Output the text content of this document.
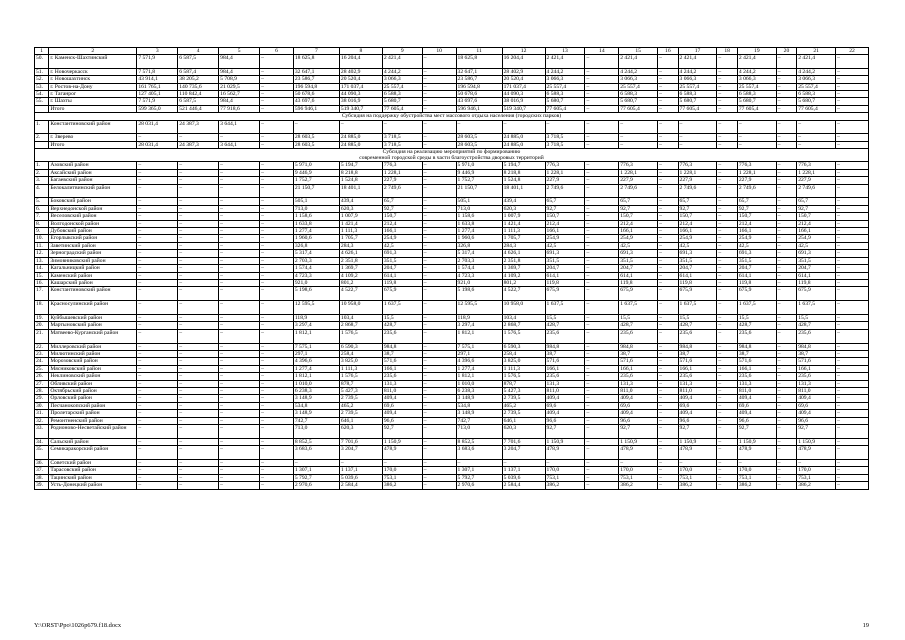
1	2	3	4	5	6	7	8	9	10	11	12	13	14	15	16	17	18	19	20	21	22
50.	г. Каменск-Шахтинский	7 571,9	6 587,5	984,4	–	18 625,8	16 204,4	2 421,4	–	18 625,8	16 204,4	2 421,4	–	2 421,4	–	2 421,4	–	2 421,4	–	2 421,4	–
51.	г. Новочеркасск	7 571,8	6 587,4	984,4	–	32 647,1	28 402,9	4 244,2	–	32 647,1	28 402,9	4 244,2	–	4 244,2	–	4 244,2	–	4 244,2	–	4 244,2	–
52.	г. Новошахтинск	43 914,1	38 205,2	5 708,9	–	23 586,7	20 520,4	3 066,3	–	23 586,7	20 520,4	3 066,3	–	3 066,3	–	3 066,3	–	3 066,3	–	3 066,3	–
53.	г. Ростов-на-Дону	161 765,1	140 735,6	21 029,5	–	196 594,8	171 037,4	25 557,4	–	196 594,8	171 037,4	25 557,4	–	25 557,4	–	25 557,4	–	25 557,4	–	25 557,4	–
54.	г. Таганрог	127 405,1	110 842,4	16 562,7	–	50 678,6	44 090,3	6 588,3	–	50 678,6	44 090,3	6 588,3	–	6 588,3	–	6 588,3	–	6 588,3	–	6 588,3	–
55.	г. Шахты	7 571,9	6 587,5	984,4	–	43 697,6	38 016,9	5 680,7	–	43 697,6	38 016,9	5 680,7	–	5 680,7	–	5 680,7	–	5 680,7	–	5 680,7	–
	Итого	599 365,0	521 446,4	77 918,6	–	596 946,1	519 340,7	77 605,4	–	596 946,1	519 340,7	77 605,4	–	77 605,4	–	77 605,4	–	77 605,4	–	77 605,4	–

Субсидия на поддержку обустройства мест массового отдыха населения (городских парков)																					

1.	Константиновский район	28 031,4	24 387,3	3 644,1	–	–	–	–	–	–	–	–	–	–	–	–	–	–	–	–	–
2.	г. Зверево	–	–	–	–	28 603,5	24 885,0	3 718,5	–	28 603,5	24 885,0	3 718,5	–	–	–	–	–	–	–	–	–
	Итого	28 031,4	24 387,3	3 644,1	–	28 603,5	24 885,0	3 718,5	–	28 603,5	24 885,0	3 718,5	–	–	–	–	–	–	–	–	–

Субсидия на реализацию мероприятий по формированию
современной городской среды в части благоустройства дворовых территорий																					

1.	Азовский район	–	–	–	–	5 971,0	5 194,7	776,3	–	5 971,0	5 194,7	776,3	–	776,3	–	776,3	–	776,3	–	776,3	–
2.	Аксайский район	–	–	–	–	9 446,9	8 218,8	1 228,1	–	9 446,9	8 218,8	1 228,1	–	1 228,1	–	1 228,1	–	1 228,1	–	1 228,1	–
3.	Багаевский район	–	–	–	–	1 752,7	1 524,8	227,9	–	1 752,7	1 524,8	227,9	–	227,9	–	227,9	–	227,9	–	227,9	–
4.	Белокалитвинский район	–	–	–	–	21 150,7	18 401,1	2 749,6	–	21 150,7	18 401,1	2 749,6	–	2 749,6	–	2 749,6	–	2 749,6	–	2 749,6	–
5.	Боковский район	–	–	–	–	505,1	439,4	65,7	–	505,1	439,4	65,7	–	65,7	–	65,7	–	65,7	–	65,7	–
6.	Верхнедонской район	–	–	–	–	713,0	620,3	92,7	–	713,0	620,3	92,7	–	92,7	–	92,7	–	92,7	–	92,7	–
7.	Веселовский район	–	–	–	–	1 158,6	1 007,9	150,7	–	1 158,6	1 007,9	150,7	–	150,7	–	150,7	–	150,7	–	150,7	–
8.	Волгодонской район	–	–	–	–	1 633,8	1 421,4	212,4	–	1 633,8	1 421,4	212,4	–	212,4	–	212,4	–	212,4	–	212,4	–
9.	Дубовский район	–	–	–	–	1 277,4	1 111,3	166,1	–	1 277,4	1 111,3	166,1	–	166,1	–	166,1	–	166,1	–	166,1	–
10.	Егорлыкский район	–	–	–	–	1 960,6	1 705,7	254,9	–	1 960,6	1 705,7	254,9	–	254,9	–	254,9	–	254,9	–	254,9	–
11.	Заветинский район	–	–	–	–	326,8	284,3	42,5	–	326,8	284,3	42,5	–	42,5	–	42,5	–	42,5	–	42,5	–
12.	Зерноградский район	–	–	–	–	5 317,4	4 626,1	691,3	–	5 317,4	4 626,1	691,3	–	691,3	–	691,3	–	691,3	–	691,3	–
13.	Зимовниковский район	–	–	–	–	2 703,3	2 351,8	351,5	–	2 703,3	2 351,8	351,5	–	351,5	–	351,5	–	351,5	–	351,5	–
14.	Кагальницкий район	–	–	–	–	1 574,4	1 369,7	204,7	–	1 574,4	1 369,7	204,7	–	204,7	–	204,7	–	204,7	–	204,7	–
15.	Каменский район	–	–	–	–	4 723,3	4 109,2	614,1	–	4 723,3	4 109,2	614,1	–	614,1	–	614,1	–	614,1	–	614,1	–
16.	Кашарский район	–	–	–	–	921,0	801,2	119,8	–	921,0	801,2	119,8	–	119,8	–	119,8	–	119,8	–	119,8	–
17.	Константиновский район	–	–	–	–	5 198,6	4 522,7	675,9	–	5 198,6	4 522,7	675,9	–	675,9	–	675,9	–	675,9	–	675,9	–
18.	Красносулинский район	–	–	–	–	12 595,5	10 958,0	1 637,5	–	12 595,5	10 958,0	1 637,5	–	1 637,5	–	1 637,5	–	1 637,5	–	1 637,5	–
19.	Куйбышевский район	–	–	–	–	118,9	103,4	15,5	–	118,9	103,4	15,5	–	15,5	–	15,5	–	15,5	–	15,5	–
20.	Мартыновский район	–	–	–	–	3 297,4	2 868,7	428,7	–	3 297,4	2 868,7	428,7	–	428,7	–	428,7	–	428,7	–	428,7	–
21.	Матвеево-Курганский район	–	–	–	–	1 812,1	1 576,5	235,6	–	1 812,1	1 576,5	235,6	–	235,6	–	235,6	–	235,6	–	235,6	–
22.	Миллеровский район	–	–	–	–	7 575,1	6 590,3	984,8	–	7 575,1	6 590,3	984,8	–	984,8	–	984,8	–	984,8	–	984,8	–
23.	Милютинский район	–	–	–	–	297,1	258,4	38,7	–	297,1	258,4	38,7	–	38,7	–	38,7	–	38,7	–	38,7	–
24.	Морозовский район	–	–	–	–	4 396,6	3 825,0	571,6	–	4 396,6	3 825,0	571,6	–	571,6	–	571,6	–	571,6	–	571,6	–
25.	Мясниковский район	–	–	–	–	1 277,4	1 111,3	166,1	–	1 277,4	1 111,3	166,1	–	166,1	–	166,1	–	166,1	–	166,1	–
26.	Неклиновский район	–	–	–	–	1 812,1	1 576,5	235,6	–	1 812,1	1 576,5	235,6	–	235,6	–	235,6	–	235,6	–	235,6	–
27.	Обливский район	–	–	–	–	1 010,0	878,7	131,3	–	1 010,0	878,7	131,3	–	131,3	–	131,3	–	131,3	–	131,3	–
28.	Октябрьский район	–	–	–	–	6 238,3	5 427,3	811,0	–	6 238,3	5 427,3	811,0	–	811,0	–	811,0	–	811,0	–	811,0	–
29.	Орловский район	–	–	–	–	3 148,9	2 739,5	409,4	–	3 148,9	2 739,5	409,4	–	409,4	–	409,4	–	409,4	–	409,4	–
30.	Песчанокопский район	–	–	–	–	534,8	465,2	69,6	–	534,8	465,2	69,6	–	69,6	–	69,6	–	69,6	–	69,6	–
31.	Пролетарский район	–	–	–	–	3 148,9	2 739,5	409,4	–	3 148,9	2 739,5	409,4	–	409,4	–	409,4	–	409,4	–	409,4	–
32.	Ремонтненский район	–	–	–	–	742,7	646,1	96,6	–	742,7	646,1	96,6	–	96,6	–	96,6	–	96,6	–	96,6	–
33.	Родионово-Несветайский район	–	–	–	–	713,0	620,3	92,7	–	713,0	620,3	92,7	–	92,7	–	92,7	–	92,7	–	92,7	–
34.	Сальский район	–	–	–	–	8 852,5	7 701,6	1 150,9	–	8 852,5	7 701,6	1 150,9	–	1 150,9	–	1 150,9	–	1 150,9	–	1 150,9	–
35.	Семикаракорский район	–	–	–	–	3 683,6	3 204,7	478,9	–	3 683,6	3 204,7	478,9	–	478,9	–	478,9	–	478,9	–	478,9	–
36.	Советский район	–	–	–	–	–	–	–	–	–	–	–	–	–	–	–	–	–	–	–	–
37.	Тарасовский район	–	–	–	–	1 307,1	1 137,1	170,0	–	1 307,1	1 137,1	170,0	–	170,0	–	170,0	–	170,0	–	170,0	–
38.	Тацинский район	–	–	–	–	5 792,7	5 039,6	753,1	–	5 792,7	5 039,6	753,1	–	753,1	–	753,1	–	753,1	–	753,1	–
39.	Усть-Донецкий район	–	–	–	–	2 970,6	2 584,4	386,2	–	2 970,6	2 584,4	386,2	–	386,2	–	386,2	–	386,2	–	386,2	–
Y:\ORST\Ppo\1026p679.f18.docx	19
